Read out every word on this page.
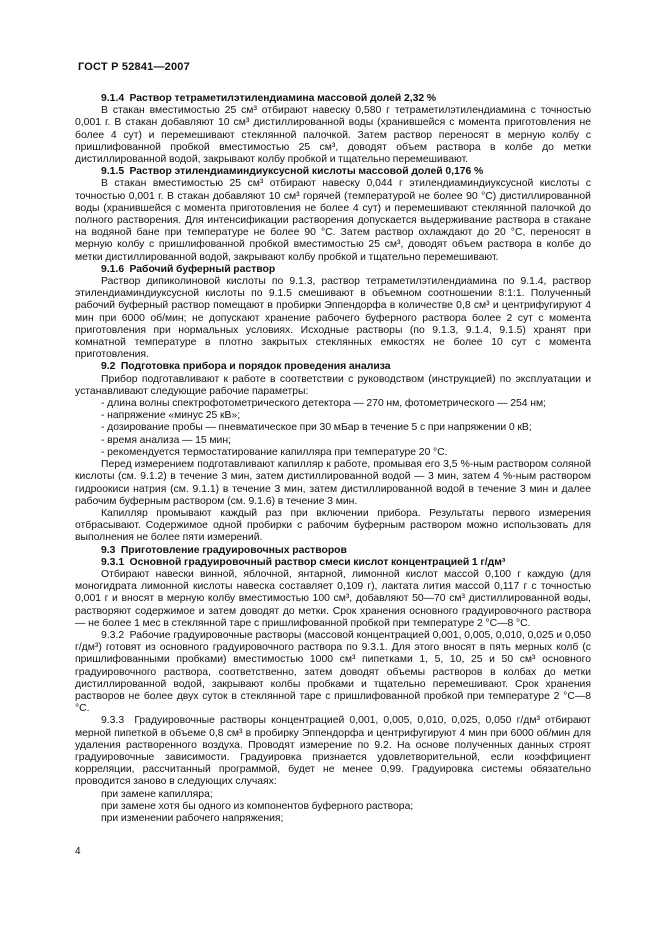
ГОСТ Р 52841—2007

9.1.4  Раствор тетраметилэтилендиамина массовой долей 2,32 %

В стакан вместимостью 25 см³ отбирают навеску 0,580 г тетраметилэтилендиамина с точностью 0,001 г. В стакан добавляют 10 см³ дистиллированной воды (хранившейся с момента приготовления не более 4 сут) и перемешивают стеклянной палочкой. Затем раствор переносят в мерную колбу с пришлифованной пробкой вместимостью 25 см³, доводят объем раствора в колбе до метки дистиллированной водой, закрывают колбу пробкой и тщательно перемешивают.

9.1.5  Раствор этилендиаминдиуксусной кислоты массовой долей 0,176 %

В стакан вместимостью 25 см³ отбирают навеску 0,044 г этилендиаминдиуксусной кислоты с точностью 0,001 г. В стакан добавляют 10 см³ горячей (температурой не более 90 °С) дистиллированной воды (хранившейся с момента приготовления не более 4 сут) и перемешивают стеклянной палочкой до полного растворения. Для интенсификации растворения допускается выдерживание раствора в стакане на водяной бане при температуре не более 90 °С. Затем раствор охлаждают до 20 °С, переносят в мерную колбу с пришлифованной пробкой вместимостью 25 см³, доводят объем раствора в колбе до метки дистиллированной водой, закрывают колбу пробкой и тщательно перемешивают.

9.1.6  Рабочий буферный раствор

Раствор дипиколиновой кислоты по 9.1.3, раствор тетраметилэтилендиамина по 9.1.4, раствор этилендиаминдиуксусной кислоты по 9.1.5 смешивают в объемном соотношении 8:1:1. Полученный рабочий буферный раствор помещают в пробирки Эппендорфа в количестве 0,8 см³ и центрифугируют 4 мин при 6000 об/мин; не допускают хранение рабочего буферного раствора более 2 сут с момента приготовления при нормальных условиях. Исходные растворы (по 9.1.3, 9.1.4, 9.1.5) хранят при комнатной температуре в плотно закрытых стеклянных емкостях не более 10 сут с момента приготовления.

9.2  Подготовка прибора и порядок проведения анализа

Прибор подготавливают к работе в соответствии с руководством (инструкцией) по эксплуатации и устанавливают следующие рабочие параметры:

- длина волны спектрофотометрического детектора — 270 нм, фотометрического — 254 нм;

- напряжение «минус 25 кВ»;

- дозирование пробы — пневматическое при 30 мБар в течение 5 с при напряжении 0 кВ;

- время анализа — 15 мин;

- рекомендуется термостатирование капилляра при температуре 20 °С.

Перед измерением подготавливают капилляр к работе, промывая его 3,5 %-ным раствором соляной кислоты (см. 9.1.2) в течение 3 мин, затем дистиллированной водой — 3 мин, затем 4 %-ным раствором гидроокиси натрия (см. 9.1.1) в течение 3 мин, затем дистиллированной водой в течение 3 мин и далее рабочим буферным раствором (см. 9.1.6) в течение 3 мин.

Капилляр промывают каждый раз при включении прибора. Результаты первого измерения отбрасывают. Содержимое одной пробирки с рабочим буферным раствором можно использовать для выполнения не более пяти измерений.

9.3  Приготовление градуировочных растворов

9.3.1  Основной градуировочный раствор смеси кислот концентрацией 1 г/дм³

Отбирают навески винной, яблочной, янтарной, лимонной кислот массой 0,100 г каждую (для моногидрата лимонной кислоты навеска составляет 0,109 г), лактата лития массой 0,117 г с точностью 0,001 г и вносят в мерную колбу вместимостью 100 см³, добавляют 50—70 см³ дистиллированной воды, растворяют содержимое и затем доводят до метки. Срок хранения основного градуировочного раствора — не более 1 мес в стеклянной таре с пришлифованной пробкой при температуре 2 °С—8 °С.

9.3.2  Рабочие градуировочные растворы (массовой концентрацией 0,001, 0,005, 0,010, 0,025 и 0,050 г/дм³) готовят из основного градуировочного раствора по 9.3.1. Для этого вносят в пять мерных колб (с пришлифованными пробками) вместимостью 1000 см³ пипетками 1, 5, 10, 25 и 50 см³ основного градуировочного раствора, соответственно, затем доводят объемы растворов в колбах до метки дистиллированной водой, закрывают колбы пробками и тщательно перемешивают. Срок хранения растворов не более двух суток в стеклянной таре с пришлифованной пробкой при температуре 2 °С—8 °С.

9.3.3  Градуировочные растворы концентрацией 0,001, 0,005, 0,010, 0,025, 0,050 г/дм³ отбирают мерной пипеткой в объеме 0,8 см³ в пробирку Эппендорфа и центрифугируют 4 мин при 6000 об/мин для удаления растворенного воздуха. Проводят измерение по 9.2. На основе полученных данных строят градуировочные зависимости. Градуировка признается удовлетворительной, если коэффициент корреляции, рассчитанный программой, будет не менее 0,99. Градуировка системы обязательно проводится заново в следующих случаях:

при замене капилляра;

при замене хотя бы одного из компонентов буферного раствора;

при изменении рабочего напряжения;

4
